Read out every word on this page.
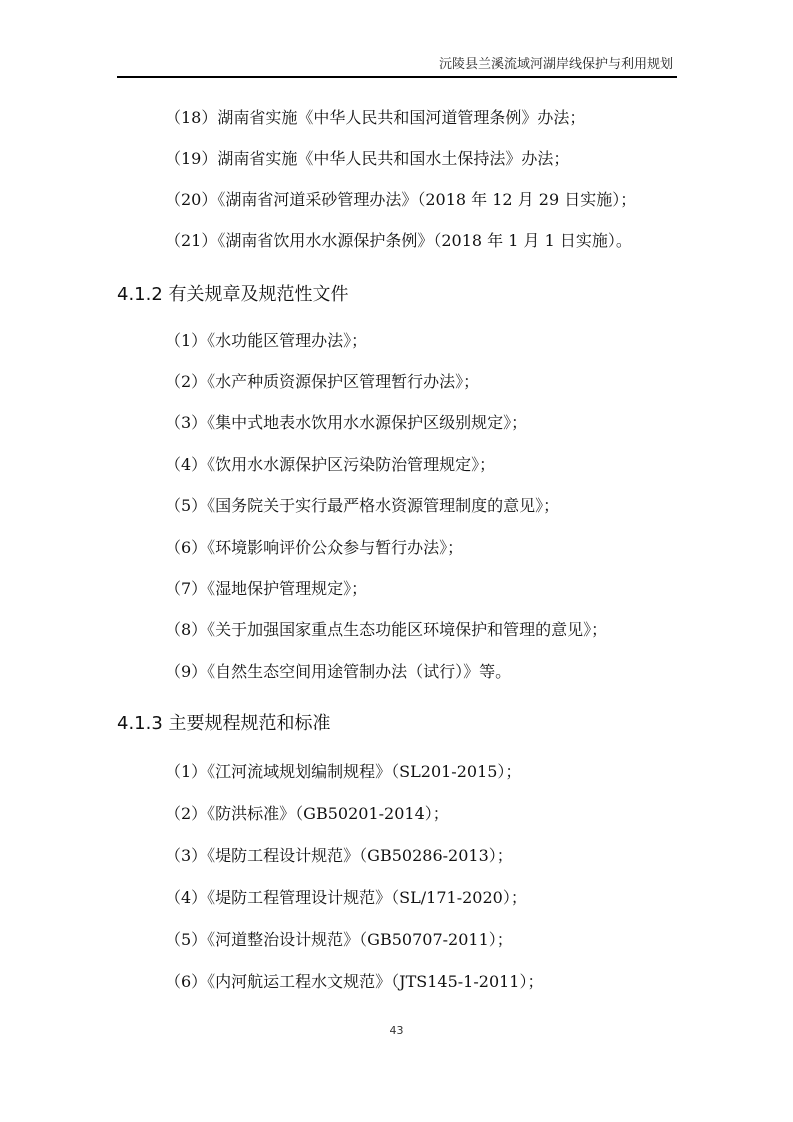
沅陵县兰溪流域河湖岸线保护与利用规划
（18）湖南省实施《中华人民共和国河道管理条例》办法；
（19）湖南省实施《中华人民共和国水土保持法》办法；
（20）《湖南省河道采砂管理办法》（2018 年 12 月 29 日实施）；
（21）《湖南省饮用水水源保护条例》（2018 年 1 月 1 日实施）。
4.1.2 有关规章及规范性文件
（1）《水功能区管理办法》；
（2）《水产种质资源保护区管理暂行办法》；
（3）《集中式地表水饮用水水源保护区级别规定》；
（4）《饮用水水源保护区污染防治管理规定》；
（5）《国务院关于实行最严格水资源管理制度的意见》；
（6）《环境影响评价公众参与暂行办法》；
（7）《湿地保护管理规定》；
（8）《关于加强国家重点生态功能区环境保护和管理的意见》；
（9）《自然生态空间用途管制办法（试行）》等。
4.1.3 主要规程规范和标准
（1）《江河流域规划编制规程》（SL201-2015）；
（2）《防洪标准》（GB50201-2014）；
（3）《堤防工程设计规范》（GB50286-2013）；
（4）《堤防工程管理设计规范》（SL/171-2020）；
（5）《河道整治设计规范》（GB50707-2011）；
（6）《内河航运工程水文规范》（JTS145-1-2011）；
43
